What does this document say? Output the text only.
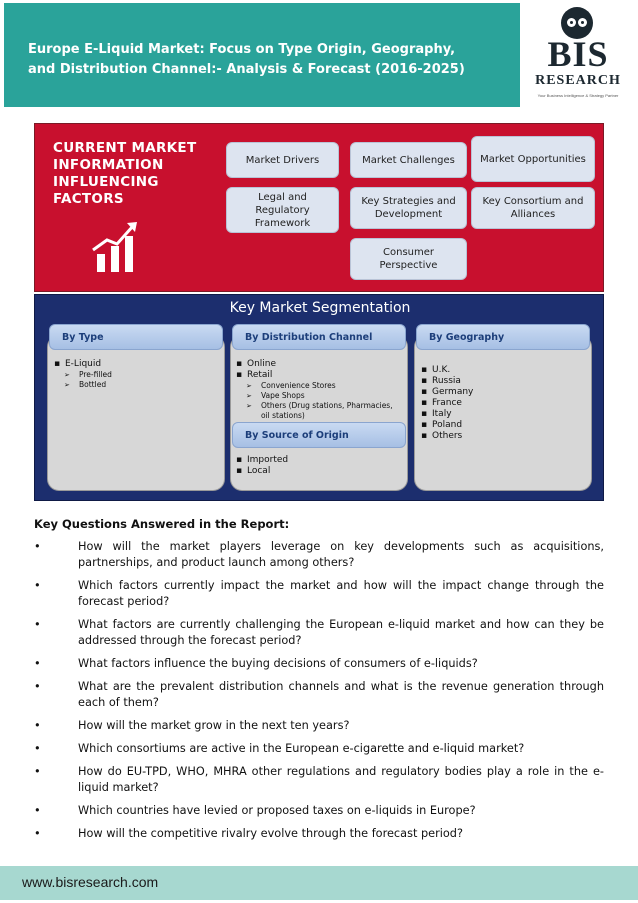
Europe E-Liquid Market: Focus on Type Origin, Geography,
and Distribution Channel:- Analysis & Forecast (2016-2025)	BIS
RESEARCH
Your Business Intelligence & Strategy Partner
CURRENT MARKET INFORMATION INFLUENCING FACTORS
Market Drivers	Market Challenges	Market Opportunities
Legal and Regulatory Framework
Key Strategies and Development
Key Consortium and Alliances
Consumer Perspective
Key Market Segmentation
By Type
▪ E-Liquid
➢ Pre-filled
➢ Bottled
By Distribution Channel
▪ Online
▪ Retail
➢ Convenience Stores
➢ Vape Shops
➢ Others (Drug stations, Pharmacies, oil stations)
By Source of Origin
▪ Imported
▪ Local
By Geography
▪ U.K.
▪ Russia
▪ Germany
▪ France
▪ Italy
▪ Poland
▪ Others
Key Questions Answered in the Report:
•	How will the market players leverage on key developments such as acquisitions, partnerships, and product launch among others?
•	Which factors currently impact the market and how will the impact change through the forecast period?
•	What factors are currently challenging the European e-liquid market and how can they be addressed through the forecast period?
•	What factors influence the buying decisions of consumers of e-liquids?
•	What are the prevalent distribution channels and what is the revenue generation through each of them?
•	How will the market grow in the next ten years?
•	Which consortiums are active in the European e-cigarette and e-liquid market?
•	How do EU-TPD, WHO, MHRA other regulations and regulatory bodies play a role in the e-liquid market?
•	Which countries have levied or proposed taxes on e-liquids in Europe?
•	How will the competitive rivalry evolve through the forecast period?
www.bisresearch.com
